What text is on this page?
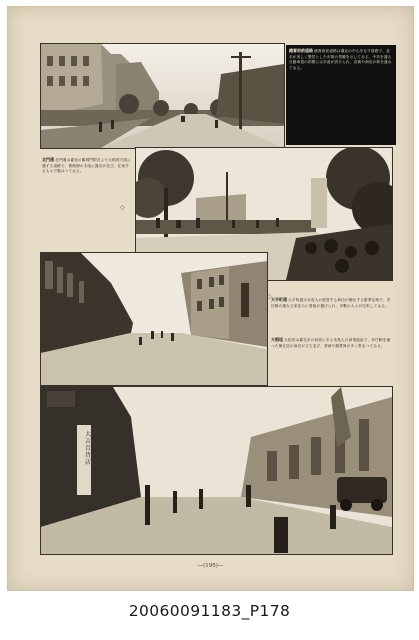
總督府前道路 總督府前道路は臺北の中心をなす道路で、並木が美しく整然とした市街の景観を示してゐる。中央を通る自動車道の兩側には歩道が設けられ、官衙や商店が軒を連ねてゐる。
北門通 北門通は臺北の舊城門附近より大稻埕方面に通ずる道路で、街路樹の木陰に露店が並び、往來する人々で賑はつてゐる。
◇
大平町通 大平町通は本島人の經營する商店が櫛比する繁華な街で、亭仔脚の連なる家並みに看板が掲げられ、多數の人々が往來してゐる。
大稻埕 大稻埕は臺北市の西部にある本島人の商業地區で、亭仔脚を備へた煉瓦造の商店が立ち並び、茶商や雜貨商が多く集まつてゐる。
◇
大吉百貨店
—(195)—
20060091183_P178
